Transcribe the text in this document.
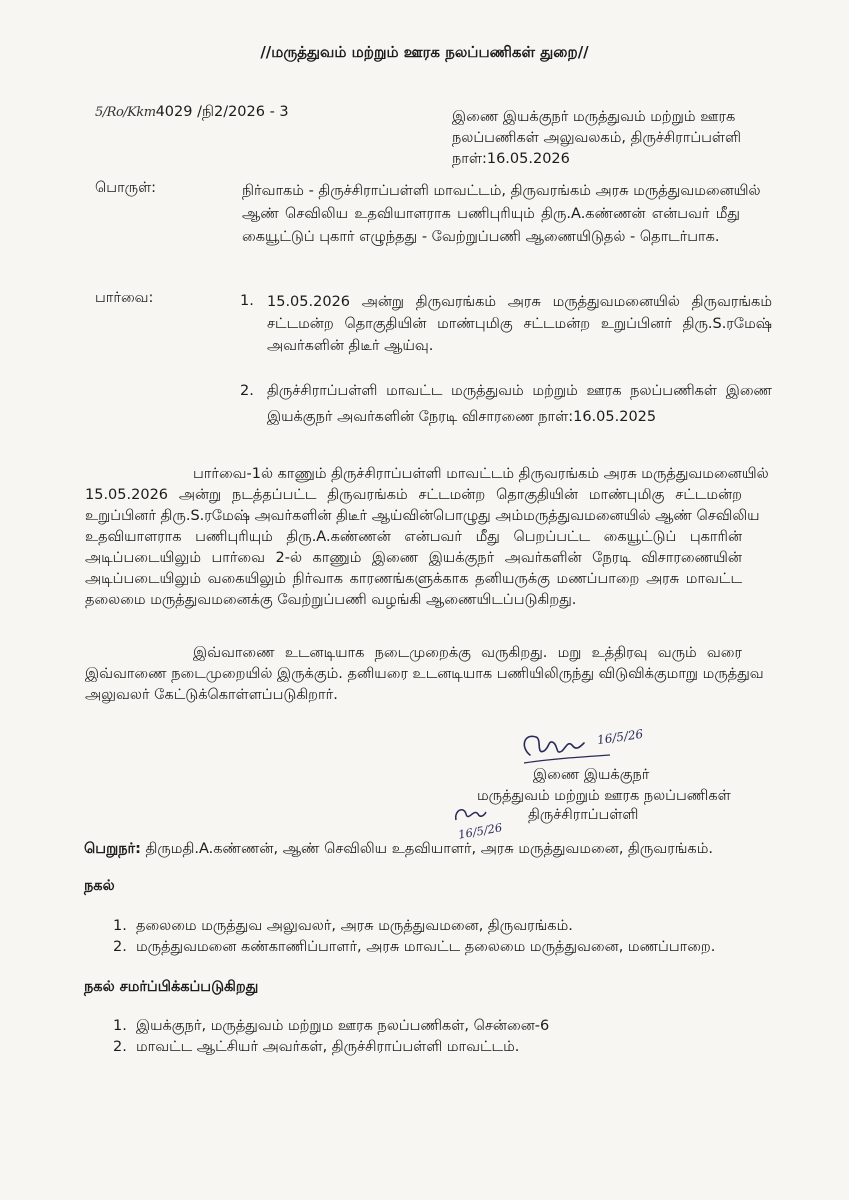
//மருத்துவம் மற்றும் ஊரக நலப்பணிகள் துறை//
5/Ro/Kkm4029 /நி2/2026 - 3	இணை இயக்குநர் மருத்துவம் மற்றும் ஊரக
நலப்பணிகள் அலுவலகம், திருச்சிராப்பள்ளி
நாள்:16.05.2026
பொருள்:	நிர்வாகம் - திருச்சிராப்பள்ளி மாவட்டம், திருவரங்கம் அரசு மருத்துவமனையில்
ஆண் செவிலிய உதவியாளராக பணிபுரியும் திரு.A.கண்ணன் என்பவர் மீது
கையூட்டுப் புகார் எழுந்தது - வேற்றுப்பணி ஆணையிடுதல் - தொடர்பாக.
பார்வை:	1. 15.05.2026 அன்று திருவரங்கம் அரசு மருத்துவமனையில் திருவரங்கம்
சட்டமன்ற தொகுதியின் மாண்புமிகு சட்டமன்ற உறுப்பினர் திரு.S.ரமேஷ்
அவர்களின் திடீர் ஆய்வு.
2. திருச்சிராப்பள்ளி மாவட்ட மருத்துவம் மற்றும் ஊரக நலப்பணிகள் இணை
இயக்குநர் அவர்களின் நேரடி விசாரணை நாள்:16.05.2025
பார்வை-1ல் காணும் திருச்சிராப்பள்ளி மாவட்டம் திருவரங்கம் அரசு மருத்துவமனையில்
15.05.2026 அன்று நடத்தப்பட்ட திருவரங்கம் சட்டமன்ற தொகுதியின் மாண்புமிகு சட்டமன்ற
உறுப்பினர் திரு.S.ரமேஷ் அவர்களின் திடீர் ஆய்வின்பொழுது அம்மருத்துவமனையில் ஆண் செவிலிய
உதவியாளராக பணிபுரியும் திரு.A.கண்ணன் என்பவர் மீது பெறப்பட்ட கையூட்டுப் புகாரின்
அடிப்படையிலும் பார்வை 2-ல் காணும் இணை இயக்குநர் அவர்களின் நேரடி விசாரணையின்
அடிப்படையிலும் வகையிலும் நிர்வாக காரணங்களுக்காக தனியருக்கு மணப்பாறை அரசு மாவட்ட
தலைமை மருத்துவமனைக்கு வேற்றுப்பணி வழங்கி ஆணையிடப்படுகிறது.
இவ்வாணை உடனடியாக நடைமுறைக்கு வருகிறது. மறு உத்திரவு வரும் வரை
இவ்வாணை நடைமுறையில் இருக்கும். தனியரை உடனடியாக பணியிலிருந்து விடுவிக்குமாறு மருத்துவ
அலுவலர் கேட்டுக்கொள்ளப்படுகிறார்.
16/5/26
இணை இயக்குநர்
மருத்துவம் மற்றும் ஊரக நலப்பணிகள்
திருச்சிராப்பள்ளி
16/5/26
பெறுநர்: திருமதி.A.கண்ணன், ஆண் செவிலிய உதவியாளர், அரசு மருத்துவமனை, திருவரங்கம்.
நகல்
1. தலைமை மருத்துவ அலுவலர், அரசு மருத்துவமனை, திருவரங்கம்.
2. மருத்துவமனை கண்காணிப்பாளர், அரசு மாவட்ட தலைமை மருத்துவனை, மணப்பாறை.
நகல் சமர்ப்பிக்கப்படுகிறது
1. இயக்குநர், மருத்துவம் மற்றும ஊரக நலப்பணிகள், சென்னை-6
2. மாவட்ட ஆட்சியர் அவர்கள், திருச்சிராப்பள்ளி மாவட்டம்.
